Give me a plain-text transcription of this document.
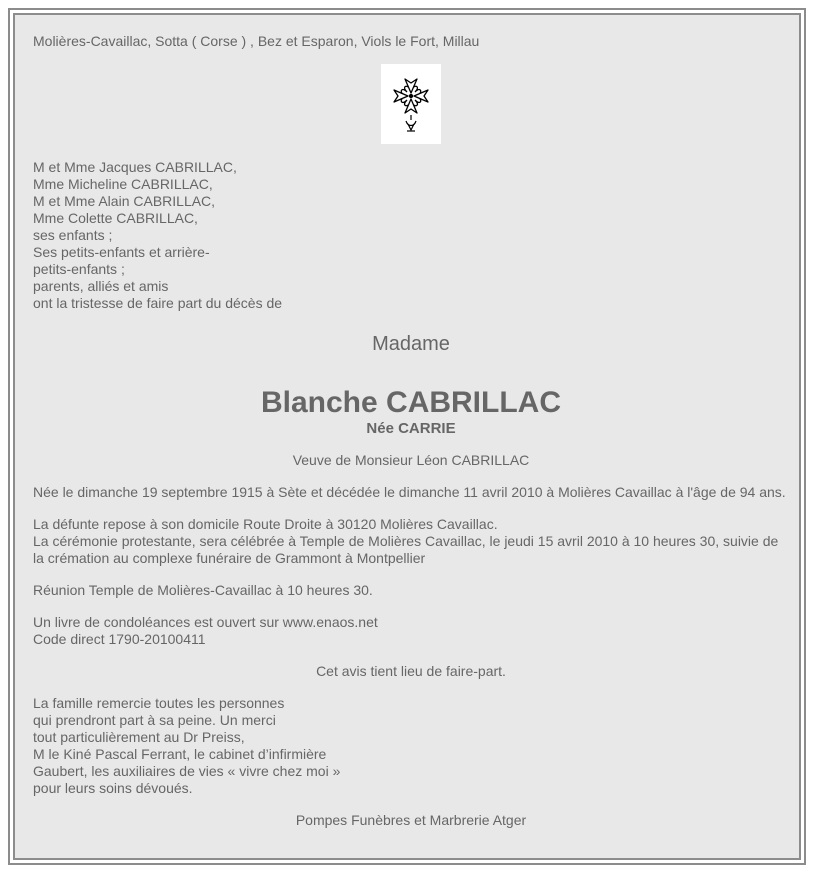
Molières-Cavaillac, Sotta ( Corse ) , Bez et Esparon, Viols le Fort, Millau
M et Mme Jacques CABRILLAC,
Mme Micheline CABRILLAC,
M et Mme Alain CABRILLAC,
Mme Colette CABRILLAC,
ses enfants ;
Ses petits-enfants et arrière-
petits-enfants ;
parents, alliés et amis
ont la tristesse de faire part du décès de
Madame
Blanche CABRILLAC
Née CARRIE
Veuve de Monsieur Léon CABRILLAC
Née le dimanche 19 septembre 1915 à Sète et décédée le dimanche 11 avril 2010 à Molières Cavaillac à l'âge de 94 ans.
La défunte repose à son domicile Route Droite à 30120 Molières Cavaillac.
La cérémonie protestante, sera célébrée à Temple de Molières Cavaillac, le jeudi 15 avril 2010 à 10 heures 30, suivie de la crémation au complexe funéraire de Grammont à Montpellier
Réunion Temple de Molières-Cavaillac à 10 heures 30.
Un livre de condoléances est ouvert sur www.enaos.net
Code direct 1790-20100411
Cet avis tient lieu de faire-part.
La famille remercie toutes les personnes
qui prendront part à sa peine. Un merci
tout particulièrement au Dr Preiss,
M le Kiné Pascal Ferrant, le cabinet d’infirmière
Gaubert, les auxiliaires de vies « vivre chez moi »
pour leurs soins dévoués.
Pompes Funèbres et Marbrerie Atger
